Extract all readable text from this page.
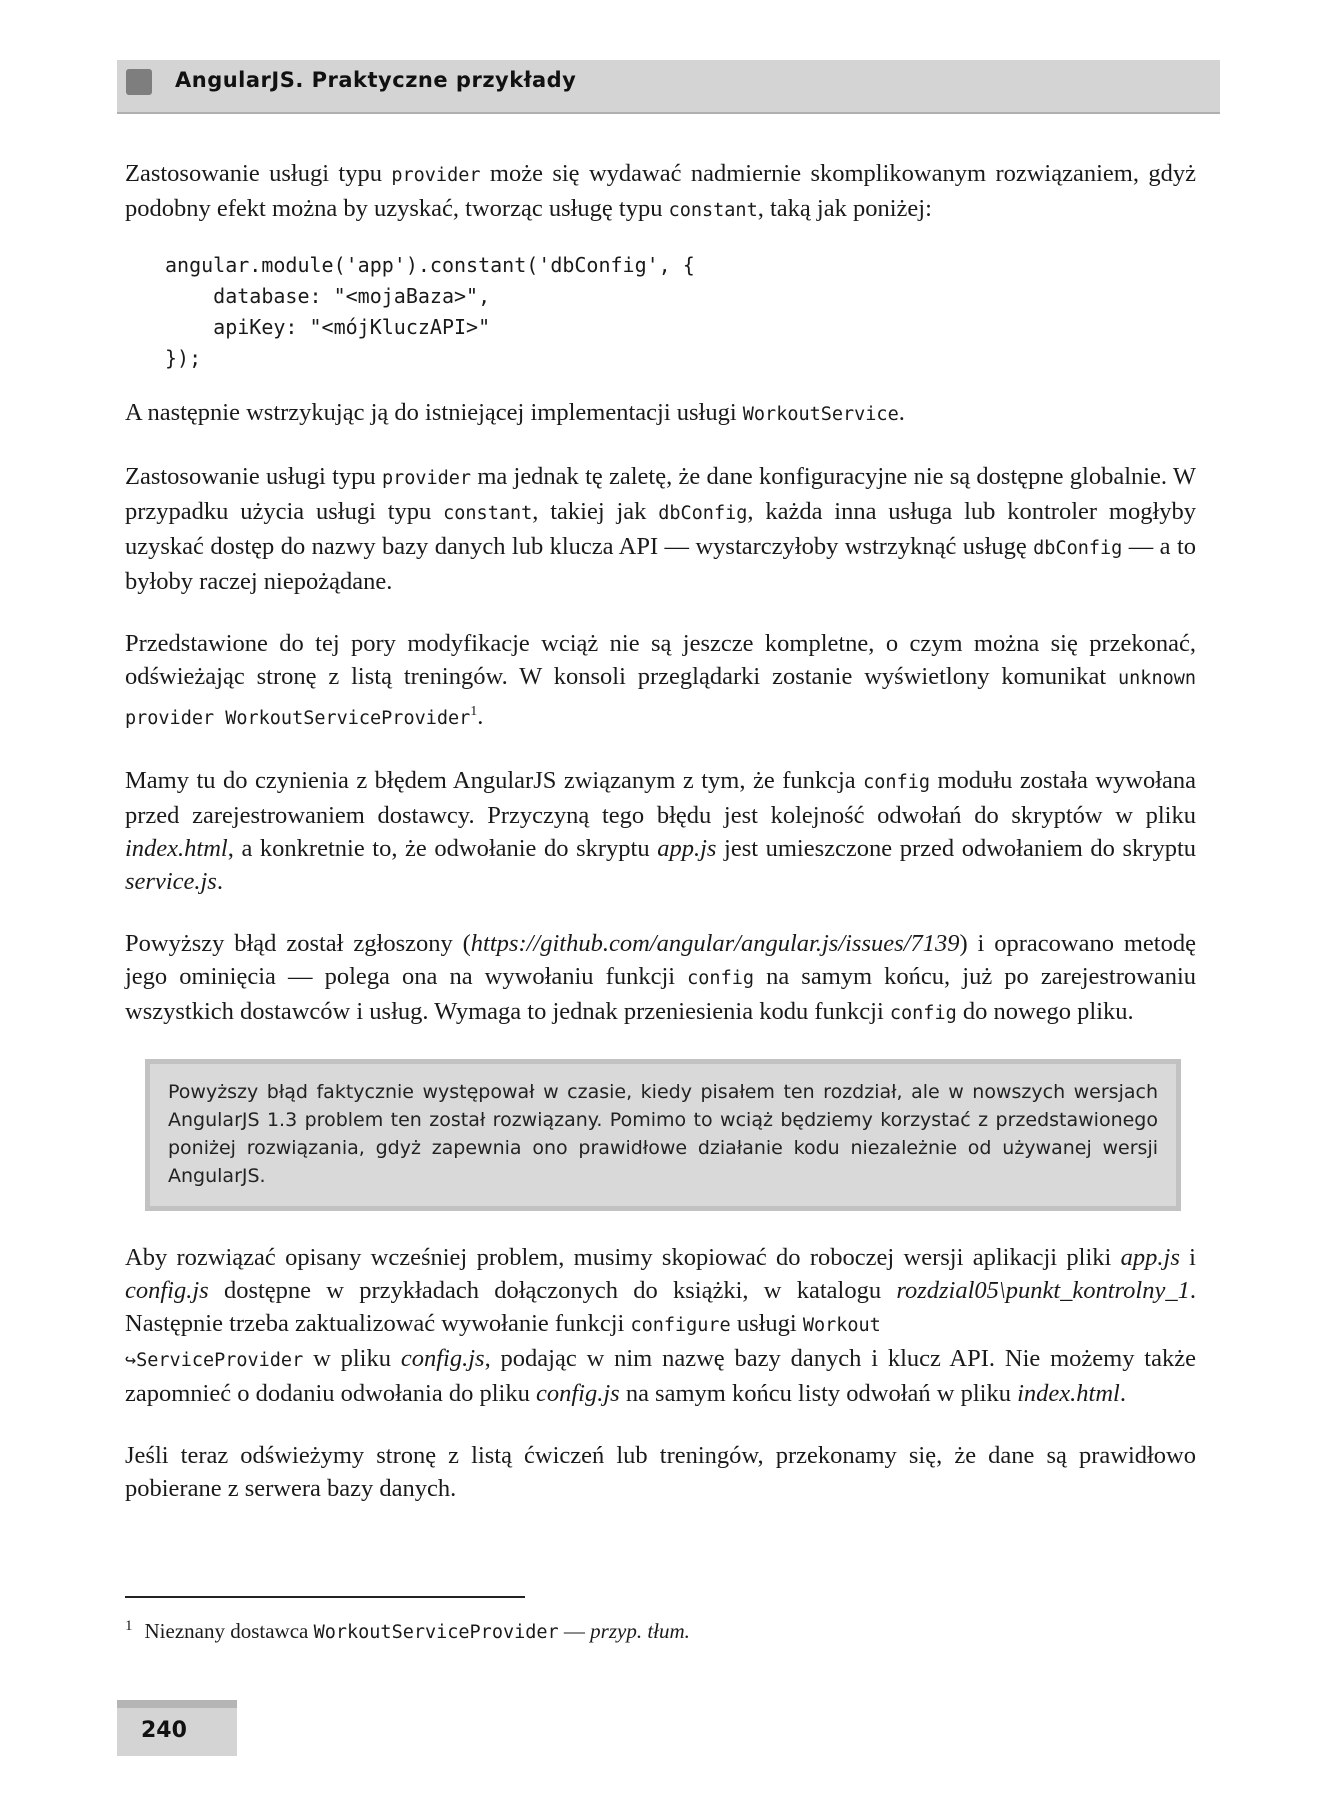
AngularJS. Praktyczne przykłady

Zastosowanie usługi typu provider może się wydawać nadmiernie skomplikowanym rozwiązaniem, gdyż podobny efekt można by uzyskać, tworząc usługę typu constant, taką jak poniżej:

angular.module('app').constant('dbConfig', {
database: "<mojaBaza>",
apiKey: "<mójKluczAPI>"
});

A następnie wstrzykując ją do istniejącej implementacji usługi WorkoutService.

Zastosowanie usługi typu provider ma jednak tę zaletę, że dane konfiguracyjne nie są dostępne globalnie. W przypadku użycia usługi typu constant, takiej jak dbConfig, każda inna usługa lub kontroler mogłyby uzyskać dostęp do nazwy bazy danych lub klucza API — wystarczyłoby wstrzyknąć usługę dbConfig — a to byłoby raczej niepożądane.

Przedstawione do tej pory modyfikacje wciąż nie są jeszcze kompletne, o czym można się przekonać, odświeżając stronę z listą treningów. W konsoli przeglądarki zostanie wyświetlony komunikat unknown provider WorkoutServiceProvider$^1$.

Mamy tu do czynienia z błędem AngularJS związanym z tym, że funkcja config modułu została wywołana przed zarejestrowaniem dostawcy. Przyczyną tego błędu jest kolejność odwołań do skryptów w pliku index.html, a konkretnie to, że odwołanie do skryptu app.js jest umieszczone przed odwołaniem do skryptu service.js.

Powyższy błąd został zgłoszony (https://github.com/angular/angular.js/issues/7139) i opracowano metodę jego ominięcia — polega ona na wywołaniu funkcji config na samym końcu, już po zarejestrowaniu wszystkich dostawców i usług. Wymaga to jednak przeniesienia kodu funkcji config do nowego pliku.

Powyższy błąd faktycznie występował w czasie, kiedy pisałem ten rozdział, ale w nowszych wersjach AngularJS 1.3 problem ten został rozwiązany. Pomimo to wciąż będziemy korzystać z przedstawionego poniżej rozwiązania, gdyż zapewnia ono prawidłowe działanie kodu niezależnie od używanej wersji AngularJS.

Aby rozwiązać opisany wcześniej problem, musimy skopiować do roboczej wersji aplikacji pliki app.js i config.js dostępne w przykładach dołączonych do książki, w katalogu rozdzial05\punkt_kontrolny_1. Następnie trzeba zaktualizować wywołanie funkcji configure usługi Workout
↪ServiceProvider w pliku config.js, podając w nim nazwę bazy danych i klucz API. Nie możemy także zapomnieć o dodaniu odwołania do pliku config.js na samym końcu listy odwołań w pliku index.html.

Jeśli teraz odświeżymy stronę z listą ćwiczeń lub treningów, przekonamy się, że dane są prawidłowo pobierane z serwera bazy danych.

$^1$ Nieznany dostawca WorkoutServiceProvider — przyp. tłum.
240
